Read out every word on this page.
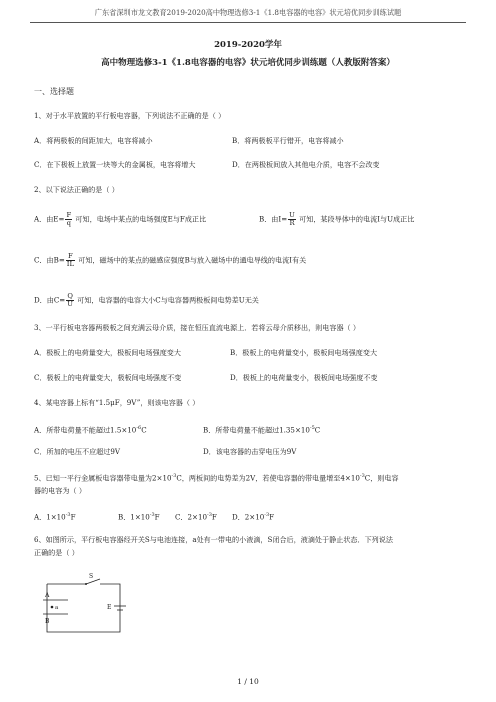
广东省深圳市龙文教育2019-2020高中物理选修3-1《1.8电容器的电容》状元培优同步训练试题
2019-2020学年
高中物理选修3-1《1.8电容器的电容》状元培优同步训练题（人教版附答案）
一、选择题
1、对于水平放置的平行板电容器，下列说法不正确的是（ ）
A．将两极板的间距加大，电容将减小	B．将两极板平行错开，电容将减小
C．在下极板上放置一块等大的金属板，电容将增大	D．在两极板间放入其他电介质，电容不会改变
2、以下说法正确的是（ ）
A．由$E= \frac{F}{q}$ 可知，电场中某点的电场强度E与F成正比	B．由$I= \frac{U}{R}$ 可知，某段导体中的电流I与U成正比
C．由$B= \frac{F}{IL}$ 可知，磁场中的某点的磁感应强度B与放入磁场中的通电导线的电流I有关
D．由$C= \frac{Q}{U}$ 可知，电容器的电容大小C与电容器两极板间电势差U无关
3、一平行板电容器两极板之间充满云母介质，接在恒压直流电源上．若将云母介质移出，则电容器（ ）
A．极板上的电荷量变大，极板间电场强度变大	B．极板上的电荷量变小，极板间电场强度变大
C．极板上的电荷量变大，极板间电场强度不变	D．极板上的电荷量变小，极板间电场强度不变
4、某电容器上标有“1.5μF，9V”，则该电容器（ ）
A．所带电荷量不能超过$1.5\times 10^{-6}C$	B．所带电荷量不能超过$1.35\times 10^{-5}C$
C．所加的电压不应超过9V	D．该电容器的击穿电压为9V
5、已知一平行金属板电容器带电量为$2\times 10^{-3}C$，两板间的电势差为2V，若使电容器的带电量增至$4\times 10^{-3}C$，则电容
器的电容为（ ）
A．$1\times 10^{-3}F$	B．$1\times 10^{-3}F$ C．$2\times 10^{-3}F$ D．$2\times 10^{-3}F$
6、如图所示，平行板电容器经开关S与电池连接，a处有一带电的小液滴，S闭合后，液滴处于静止状态．下列说法
正确的是（ ）
S
A
a
B
E
1 / 10
